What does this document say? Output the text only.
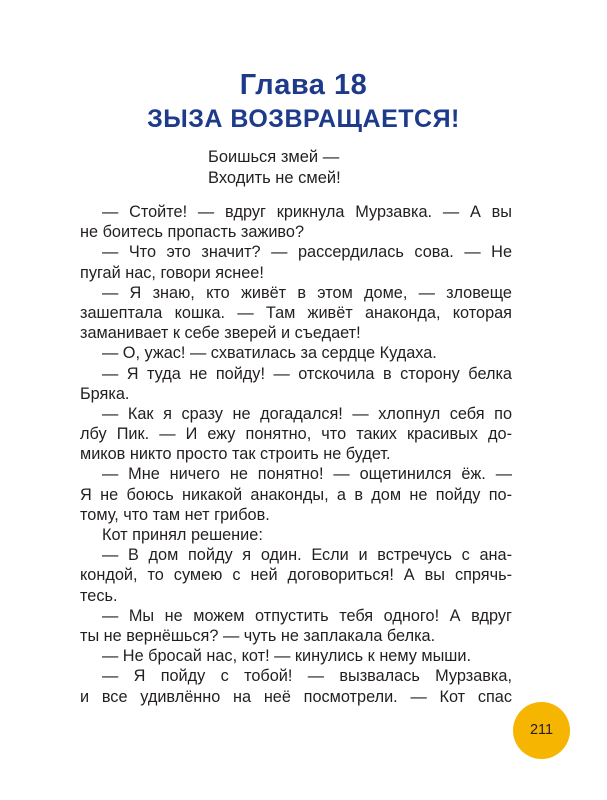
Глава 18
ЗЫЗА ВОЗВРАЩАЕТСЯ!
Боишься змей —
Входить не смей!
— Стойте! — вдруг крикнула Мурзавка. — А вы
не боитесь пропасть заживо?
— Что это значит? — рассердилась сова. — Не
пугай нас, говори яснее!
— Я знаю, кто живёт в этом доме, — зловеще
зашептала кошка. — Там живёт анаконда, которая
заманивает к себе зверей и съедает!
— О, ужас! — схватилась за сердце Кудаха.
— Я туда не пойду! — отскочила в сторону белка
Бряка.
— Как я сразу не догадался! — хлопнул себя по
лбу Пик. — И ежу понятно, что таких красивых до-
миков никто просто так строить не будет.
— Мне ничего не понятно! — ощетинился ёж. —
Я не боюсь никакой анаконды, а в дом не пойду по-
тому, что там нет грибов.
Кот принял решение:
— В дом пойду я один. Если и встречусь с ана-
кондой, то сумею с ней договориться! А вы спрячь-
тесь.
— Мы не можем отпустить тебя одного! А вдруг
ты не вернёшься? — чуть не заплакала белка.
— Не бросай нас, кот! — кинулись к нему мыши.
— Я пойду с тобой! — вызвалась Мурзавка,
и все удивлённо на неё посмотрели. — Кот спас
211
